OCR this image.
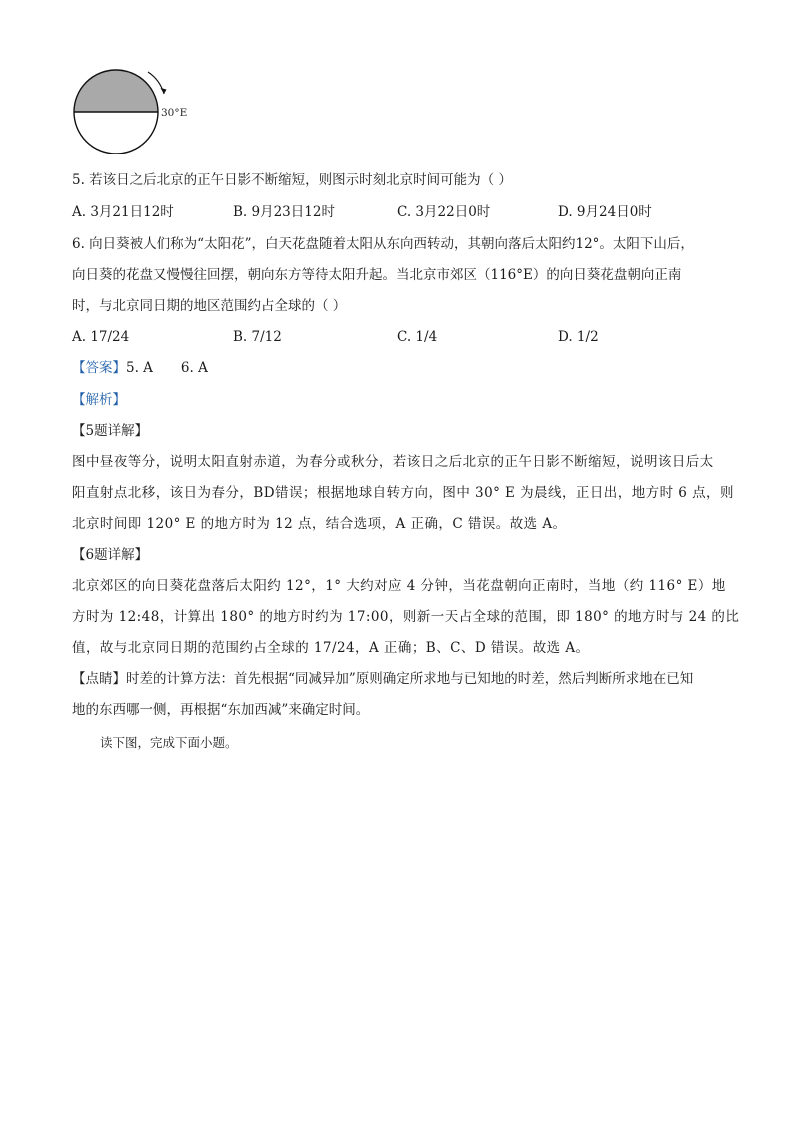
30°E
5. 若该日之后北京的正午日影不断缩短，则图示时刻北京时间可能为（ ）
A. 3月21日12时	B. 9月23日12时	C. 3月22日0时	D. 9月24日0时
6. 向日葵被人们称为“太阳花”，白天花盘随着太阳从东向西转动，其朝向落后太阳约12°。太阳下山后，
向日葵的花盘又慢慢往回摆，朝向东方等待太阳升起。当北京市郊区（116°E）的向日葵花盘朝向正南
时，与北京同日期的地区范围约占全球的（ ）
A. 17/24	B. 7/12	C. 1/4	D. 1/2
【答案】5. A 6. A
【解析】
【5题详解】
图中昼夜等分，说明太阳直射赤道，为春分或秋分，若该日之后北京的正午日影不断缩短，说明该日后太
阳直射点北移，该日为春分，BD错误；根据地球自转方向，图中 30° E 为晨线，正日出，地方时 6 点，则
北京时间即 120° E 的地方时为 12 点，结合选项，A 正确，C 错误。故选 A。
【6题详解】
北京郊区的向日葵花盘落后太阳约 12°，1° 大约对应 4 分钟，当花盘朝向正南时，当地（约 116° E）地
方时为 12:48，计算出 180° 的地方时约为 17:00，则新一天占全球的范围，即 180° 的地方时与 24 的比
值，故与北京同日期的范围约占全球的 17/24，A 正确；B、C、D 错误。故选 A。
【点睛】时差的计算方法：首先根据“同减异加”原则确定所求地与已知地的时差，然后判断所求地在已知
地的东西哪一侧，再根据“东加西减”来确定时间。
读下图，完成下面小题。
